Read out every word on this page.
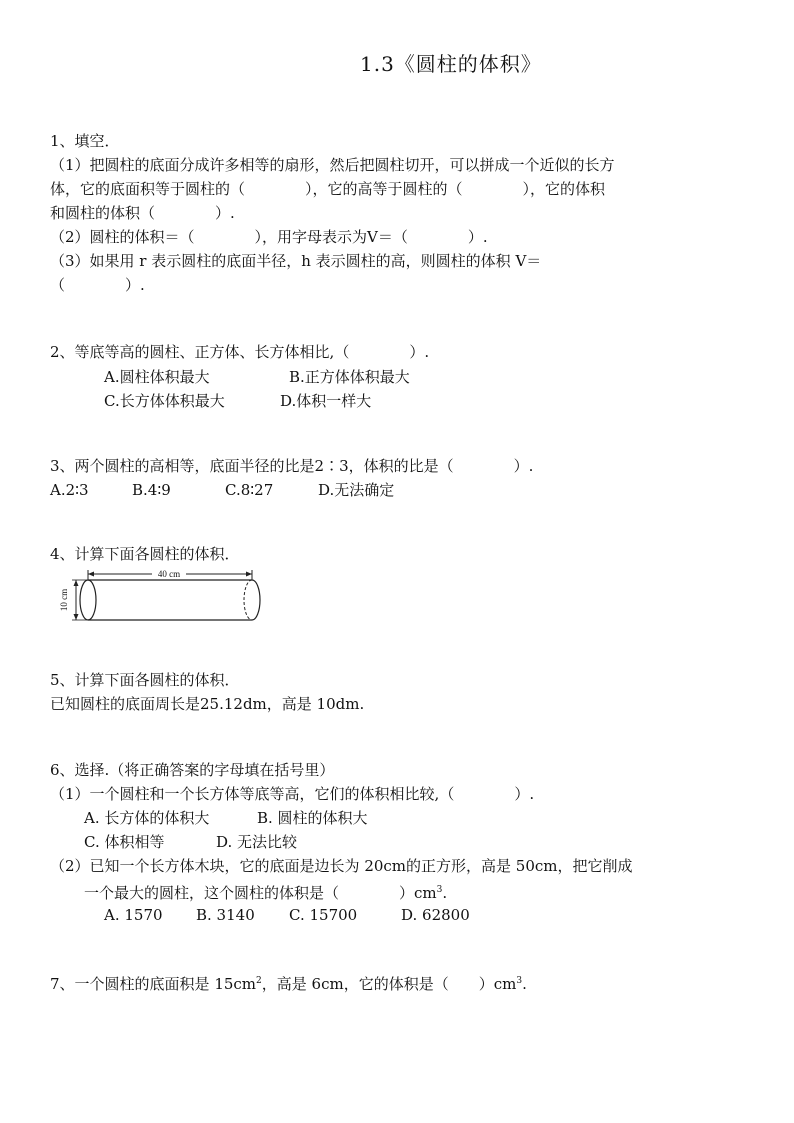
1.3《圆柱的体积》
1、填空．
（1）把圆柱的底面分成许多相等的扇形，然后把圆柱切开，可以拼成一个近似的长方
体，它的底面积等于圆柱的（　　　　），它的高等于圆柱的（　　　　），它的体积
和圆柱的体积（　　　　）.
（2）圆柱的体积＝（　　　　），用字母表示为V＝（　　　　）.
（3）如果用 r 表示圆柱的底面半径，h 表示圆柱的高，则圆柱的体积 V＝
（　　　　）.
2、等底等高的圆柱、正方体、长方体相比,（　　　　）.
A.圆柱体积最大	B.正方体体积最大
C.长方体体积最大	D.体积一样大
3、两个圆柱的高相等，底面半径的比是2∶3，体积的比是（　　　　）.
A.2∶3	B.4∶9	C.8∶27	D.无法确定
4、计算下面各圆柱的体积．
40 cm
10 cm
5、计算下面各圆柱的体积．
已知圆柱的底面周长是25.12dm，高是 10dm.
6、选择.（将正确答案的字母填在括号里）
（1）一个圆柱和一个长方体等底等高，它们的体积相比较,（　　　　）.
A. 长方体的体积大	B. 圆柱的体积大
C. 体积相等	D. 无法比较
（2）已知一个长方体木块，它的底面是边长为 20cm的正方形，高是 50cm，把它削成
一个最大的圆柱，这个圆柱的体积是（　　　　）$cm^3$.
A. 1570 B. 3140 C. 15700	D. 62800
7、一个圆柱的底面积是 $15cm^2$，高是 6cm，它的体积是（　　）$cm^3$.
